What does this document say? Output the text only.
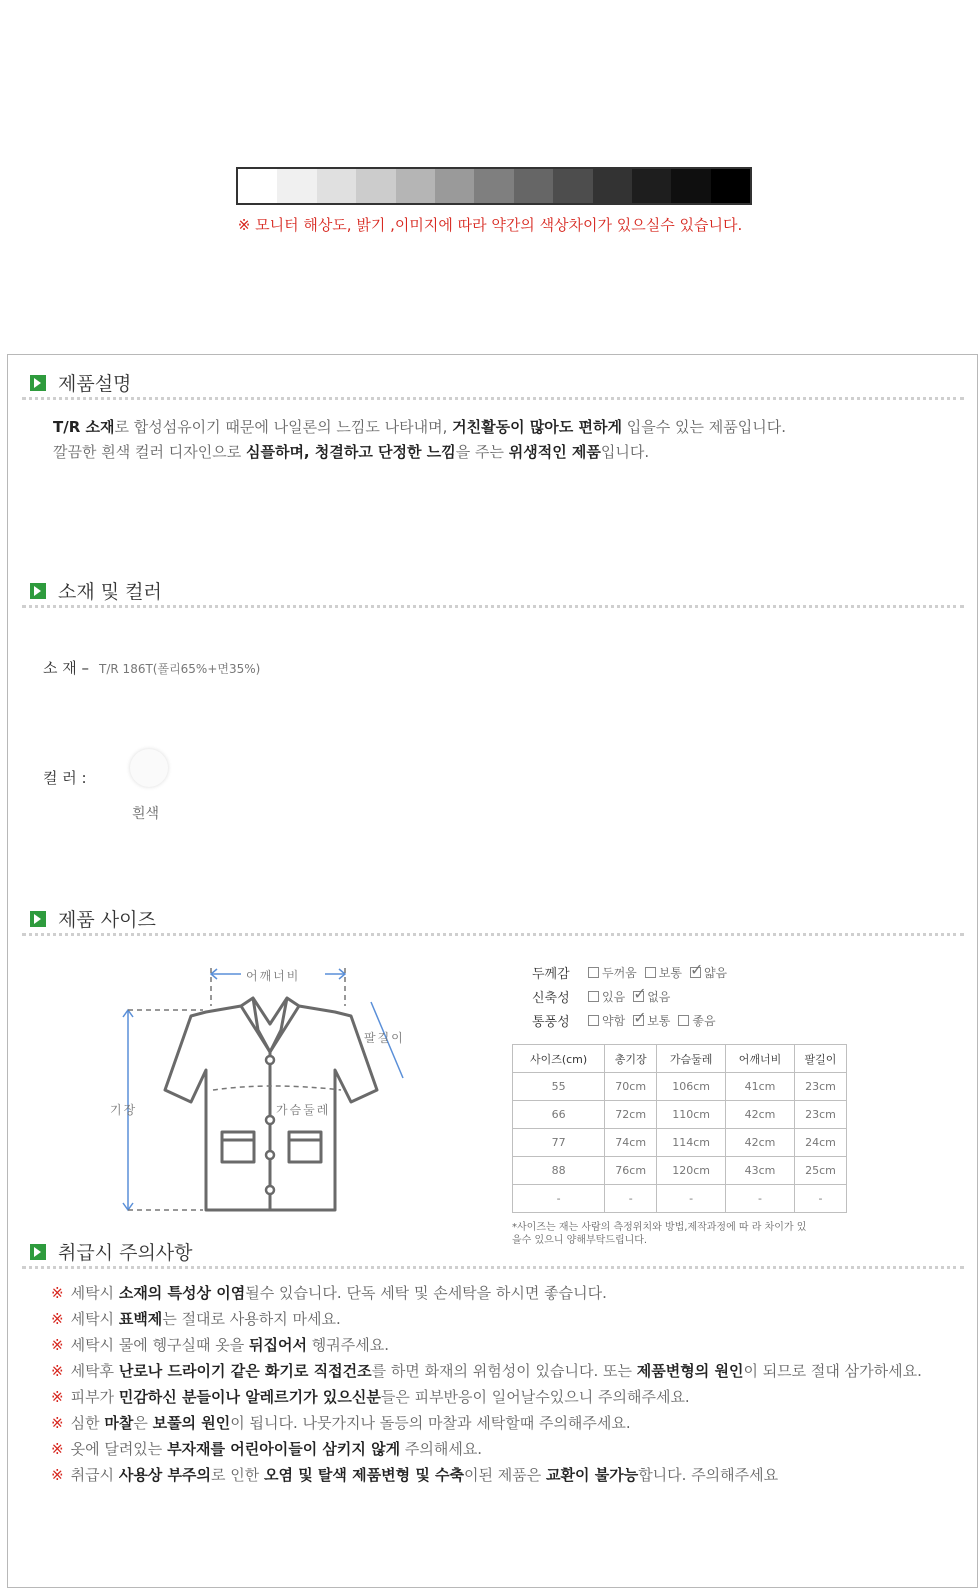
※ 모니터 해상도, 밝기 ,이미지에 따라 약간의 색상차이가 있으실수 있습니다.
제품설명
T/R 소재로 합성섬유이기 때문에 나일론의 느낌도 나타내며, 거친활동이 많아도 편하게 입을수 있는 제품입니다.
깔끔한 흰색 컬러 디자인으로 심플하며, 청결하고 단정한 느낌을 주는 위생적인 제품입니다.
소재 및 컬러
소 재 – T/R 186T(폴리65%+면35%)
컬 러 :
흰색
제품 사이즈
어깨너비
팔길이
기장	가슴둘레
두께감	두꺼움 보통 ✓ 얇음
신축성	있음 ✓ 없음
통풍성	약함 ✓ 보통 좋음
사이즈(cm)	총기장	가슴둘레	어깨너비	팔길이
55	70cm	106cm	41cm	23cm
66	72cm	110cm	42cm	23cm
77	74cm	114cm	42cm	24cm
88	76cm	120cm	43cm	25cm
-	-	-	-	-
*사이즈는 재는 사람의 측정위치와 방법,제작과정에 따 라 차이가 있을수 있으니 양해부탁드립니다.
취급시 주의사항
※ 세탁시 소재의 특성상 이염될수 있습니다. 단독 세탁 및 손세탁을 하시면 좋습니다.
※ 세탁시 표백제는 절대로 사용하지 마세요.
※ 세탁시 물에 헹구실때 옷을 뒤집어서 헹궈주세요.
※ 세탁후 난로나 드라이기 같은 화기로 직접건조를 하면 화재의 위험성이 있습니다. 또는 제품변형의 원인이 되므로 절대 삼가하세요.
※ 피부가 민감하신 분들이나 알레르기가 있으신분들은 피부반응이 일어날수있으니 주의해주세요.
※ 심한 마찰은 보풀의 원인이 됩니다. 나뭇가지나 돌등의 마찰과 세탁할때 주의해주세요.
※ 옷에 달려있는 부자재를 어린아이들이 삼키지 않게 주의해세요.
※ 취급시 사용상 부주의로 인한 오염 및 탈색 제품변형 및 수축이된 제품은 교환이 불가능합니다. 주의해주세요
